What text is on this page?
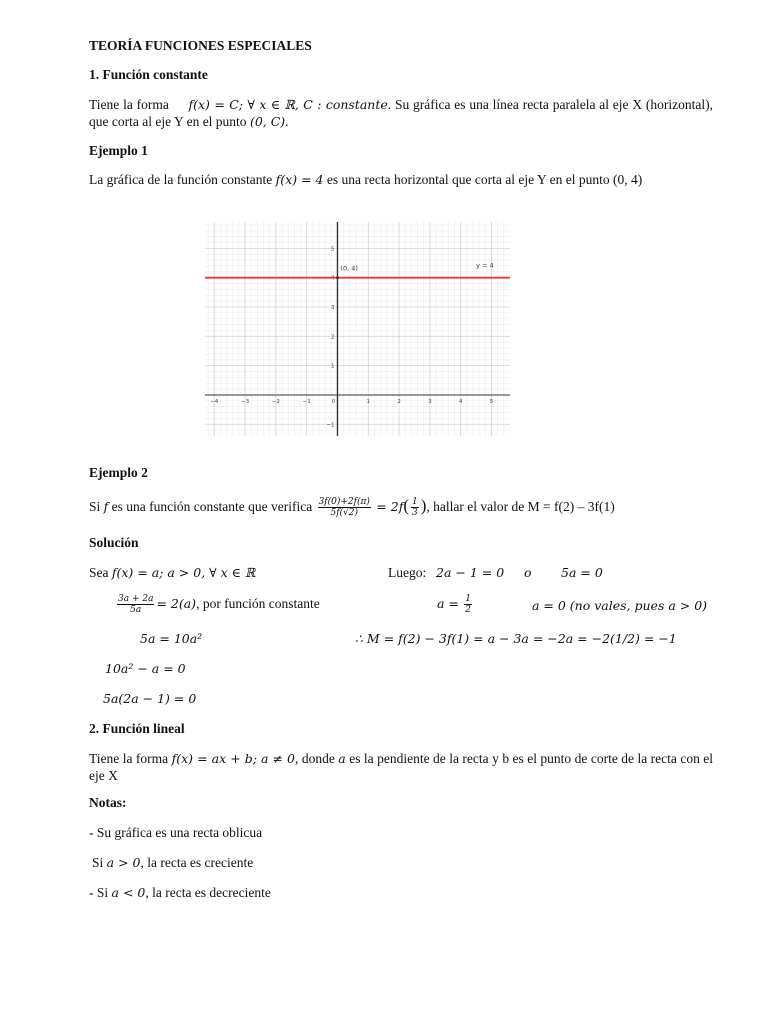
TEORÍA FUNCIONES ESPECIALES
1. Función constante
Tiene la forma f(x) = C; ∀ x ∈ ℝ, C : constante. Su gráfica es una línea recta paralela al eje X (horizontal), que corta al eje Y en el punto (0, C).
Ejemplo 1
La gráfica de la función constante f(x) = 4 es una recta horizontal que corta al eje Y en el punto (0, 4)
−4	−3	−2	−1	0	1	2	3	4	5
−1
1
2
3
4
5
(0, 4)	y = 4
Ejemplo 2
Si f es una función constante que verifica $\frac{3f(0)+2f(\pi)}{5f(√2)} = 2f( \frac{1}{3}$ ), hallar el valor de M = f(2) – 3f(1)
Solución
Sea f(x) = a; a > 0, ∀ x ∈ ℝ
$\frac{3a + 2a}{5a} = 2(a)$, por función constante
5a = 10a²
10a² − a = 0
5a(2a − 1) = 0
Luego: 2a − 1 = 0 o 5a = 0
$a = \frac{1}{2}$	a = 0 (no vales, pues a > 0)
∴ M = f(2) − 3f(1) = a − 3a = −2a = −2(1/2) = −1
2. Función lineal
Tiene la forma f(x) = ax + b; a ≠ 0, donde a es la pendiente de la recta y b es el punto de corte de la recta con el eje X
Notas:
- Su gráfica es una recta oblicua
Si a > 0, la recta es creciente
- Si a < 0, la recta es decreciente
